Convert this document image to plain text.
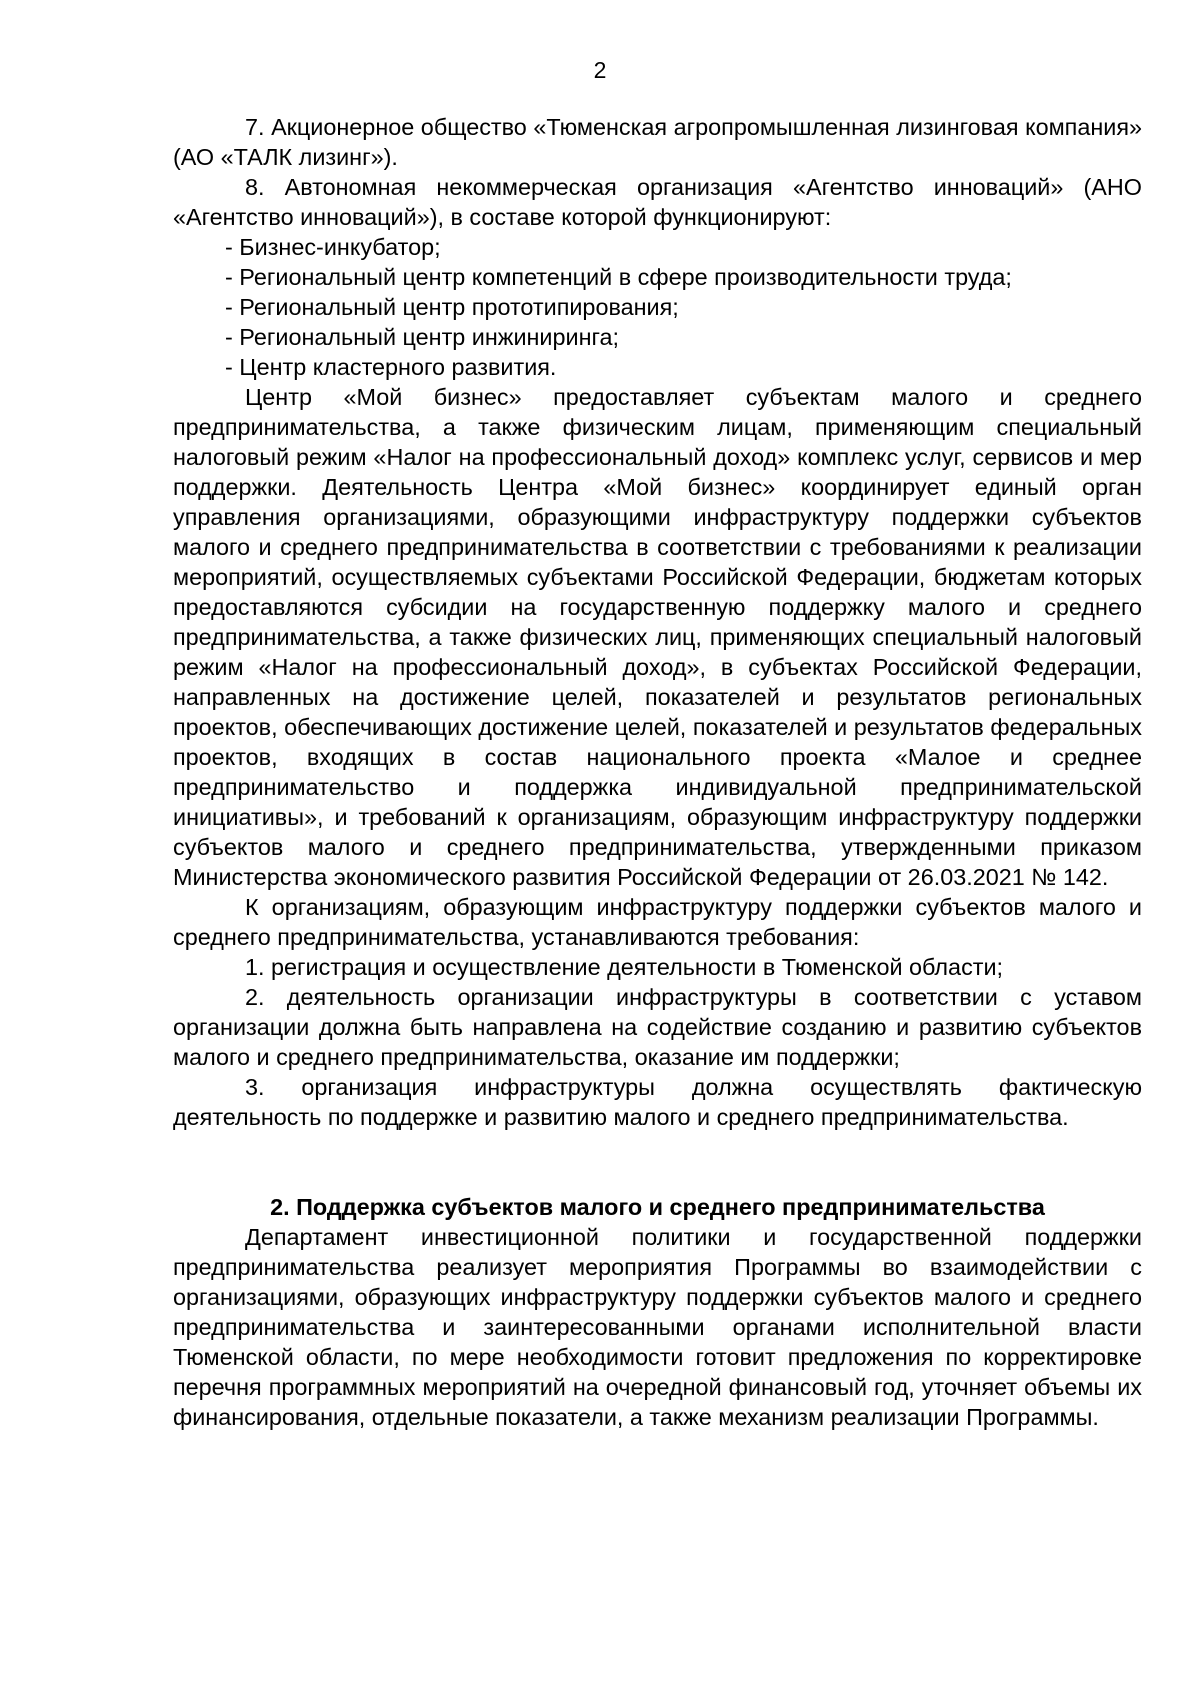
2

7. Акционерное общество «Тюменская агропромышленная лизинговая компания» (АО «ТАЛК лизинг»).

8. Автономная некоммерческая организация «Агентство инноваций» (АНО «Агентство инноваций»), в составе которой функционируют:

- Бизнес-инкубатор;

- Региональный центр компетенций в сфере производительности труда;

- Региональный центр прототипирования;

- Региональный центр инжиниринга;

- Центр кластерного развития.

Центр «Мой бизнес» предоставляет субъектам малого и среднего предпринимательства, а также физическим лицам, применяющим специальный налоговый режим «Налог на профессиональный доход» комплекс услуг, сервисов и мер поддержки. Деятельность Центра «Мой бизнес» координирует единый орган управления организациями, образующими инфраструктуру поддержки субъектов малого и среднего предпринимательства в соответствии с требованиями к реализации мероприятий, осуществляемых субъектами Российской Федерации, бюджетам которых предоставляются субсидии на государственную поддержку малого и среднего предпринимательства, а также физических лиц, применяющих специальный налоговый режим «Налог на профессиональный доход», в субъектах Российской Федерации, направленных на достижение целей, показателей и результатов региональных проектов, обеспечивающих достижение целей, показателей и результатов федеральных проектов, входящих в состав национального проекта «Малое и среднее предпринимательство и поддержка индивидуальной предпринимательской инициативы», и требований к организациям, образующим инфраструктуру поддержки субъектов малого и среднего предпринимательства, утвержденными приказом Министерства экономического развития Российской Федерации от 26.03.2021 № 142.

К организациям, образующим инфраструктуру поддержки субъектов малого и среднего предпринимательства, устанавливаются требования:

1. регистрация и осуществление деятельности в Тюменской области;

2. деятельность организации инфраструктуры в соответствии с уставом организации должна быть направлена на содействие созданию и развитию субъектов малого и среднего предпринимательства, оказание им поддержки;

3. организация инфраструктуры должна осуществлять фактическую деятельность по поддержке и развитию малого и среднего предпринимательства.

2. Поддержка субъектов малого и среднего предпринимательства

Департамент инвестиционной политики и государственной поддержки предпринимательства реализует мероприятия Программы во взаимодействии с организациями, образующих инфраструктуру поддержки субъектов малого и среднего предпринимательства и заинтересованными органами исполнительной власти Тюменской области, по мере необходимости готовит предложения по корректировке перечня программных мероприятий на очередной финансовый год, уточняет объемы их финансирования, отдельные показатели, а также механизм реализации Программы.
